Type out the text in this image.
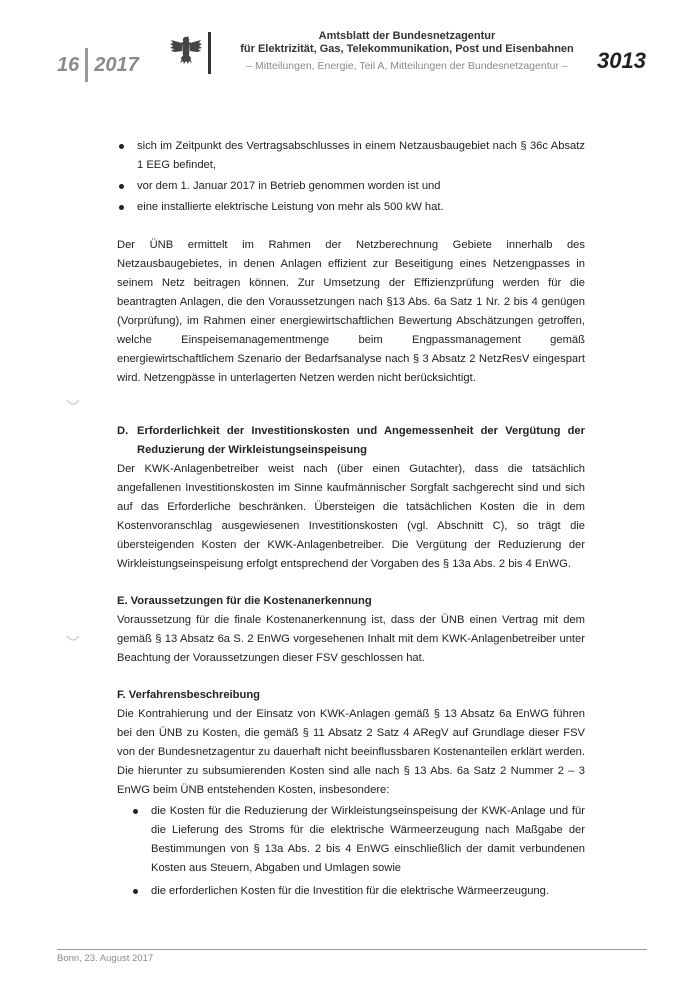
16 2017
Amtsblatt der Bundesnetzagentur
für Elektrizität, Gas, Telekommunikation, Post und Eisenbahnen
– Mitteilungen, Energie, Teil A, Mitteilungen der Bundesnetzagentur –	3013
sich im Zeitpunkt des Vertragsabschlusses in einem Netzausbaugebiet nach § 36c Absatz 1 EEG befindet,
vor dem 1. Januar 2017 in Betrieb genommen worden ist und
eine installierte elektrische Leistung von mehr als 500 kW hat.

Der ÜNB ermittelt im Rahmen der Netzberechnung Gebiete innerhalb des Netzausbaugebietes, in denen Anlagen effizient zur Beseitigung eines Netzengpasses in seinem Netz beitragen können. Zur Umsetzung der Effizienzprüfung werden für die beantragten Anlagen, die den Voraussetzungen nach §13 Abs. 6a Satz 1 Nr. 2 bis 4 genügen (Vorprüfung), im Rahmen einer energiewirtschaftlichen Bewertung Abschätzungen getroffen, welche Einspeisemanagementmenge beim Engpassmanagement gemäß energiewirtschaftlichem Szenario der Bedarfsanalyse nach § 3 Absatz 2 NetzResV eingespart wird. Netzengpässe in unterlagerten Netzen werden nicht berücksichtigt.

D. Erforderlichkeit der Investitionskosten und Angemessenheit der Vergütung der Reduzierung der Wirkleistungseinspeisung

Der KWK-Anlagenbetreiber weist nach (über einen Gutachter), dass die tatsächlich angefallenen Investitionskosten im Sinne kaufmännischer Sorgfalt sachgerecht sind und sich auf das Erforderliche beschränken. Übersteigen die tatsächlichen Kosten die in dem Kostenvoranschlag ausgewiesenen Investitionskosten (vgl. Abschnitt C), so trägt die übersteigenden Kosten der KWK-Anlagenbetreiber. Die Vergütung der Reduzierung der Wirkleistungseinspeisung erfolgt entsprechend der Vorgaben des § 13a Abs. 2 bis 4 EnWG.

E. Voraussetzungen für die Kostenanerkennung

Voraussetzung für die finale Kostenanerkennung ist, dass der ÜNB einen Vertrag mit dem gemäß § 13 Absatz 6a S. 2 EnWG vorgesehenen Inhalt mit dem KWK-Anlagenbetreiber unter Beachtung der Voraussetzungen dieser FSV geschlossen hat.

F. Verfahrensbeschreibung

Die Kontrahierung und der Einsatz von KWK-Anlagen gemäß § 13 Absatz 6a EnWG führen bei den ÜNB zu Kosten, die gemäß § 11 Absatz 2 Satz 4 ARegV auf Grundlage dieser FSV von der Bundesnetzagentur zu dauerhaft nicht beeinflussbaren Kostenanteilen erklärt werden. Die hierunter zu subsumierenden Kosten sind alle nach § 13 Abs. 6a Satz 2 Nummer 2 – 3 EnWG beim ÜNB entstehenden Kosten, insbesondere:

die Kosten für die Reduzierung der Wirkleistungseinspeisung der KWK-Anlage und für die Lieferung des Stroms für die elektrische Wärmeerzeugung nach Maßgabe der Bestimmungen von § 13a Abs. 2 bis 4 EnWG einschließlich der damit verbundenen Kosten aus Steuern, Abgaben und Umlagen sowie
die erforderlichen Kosten für die Investition für die elektrische Wärmeerzeugung.
Bonn, 23. August 2017
